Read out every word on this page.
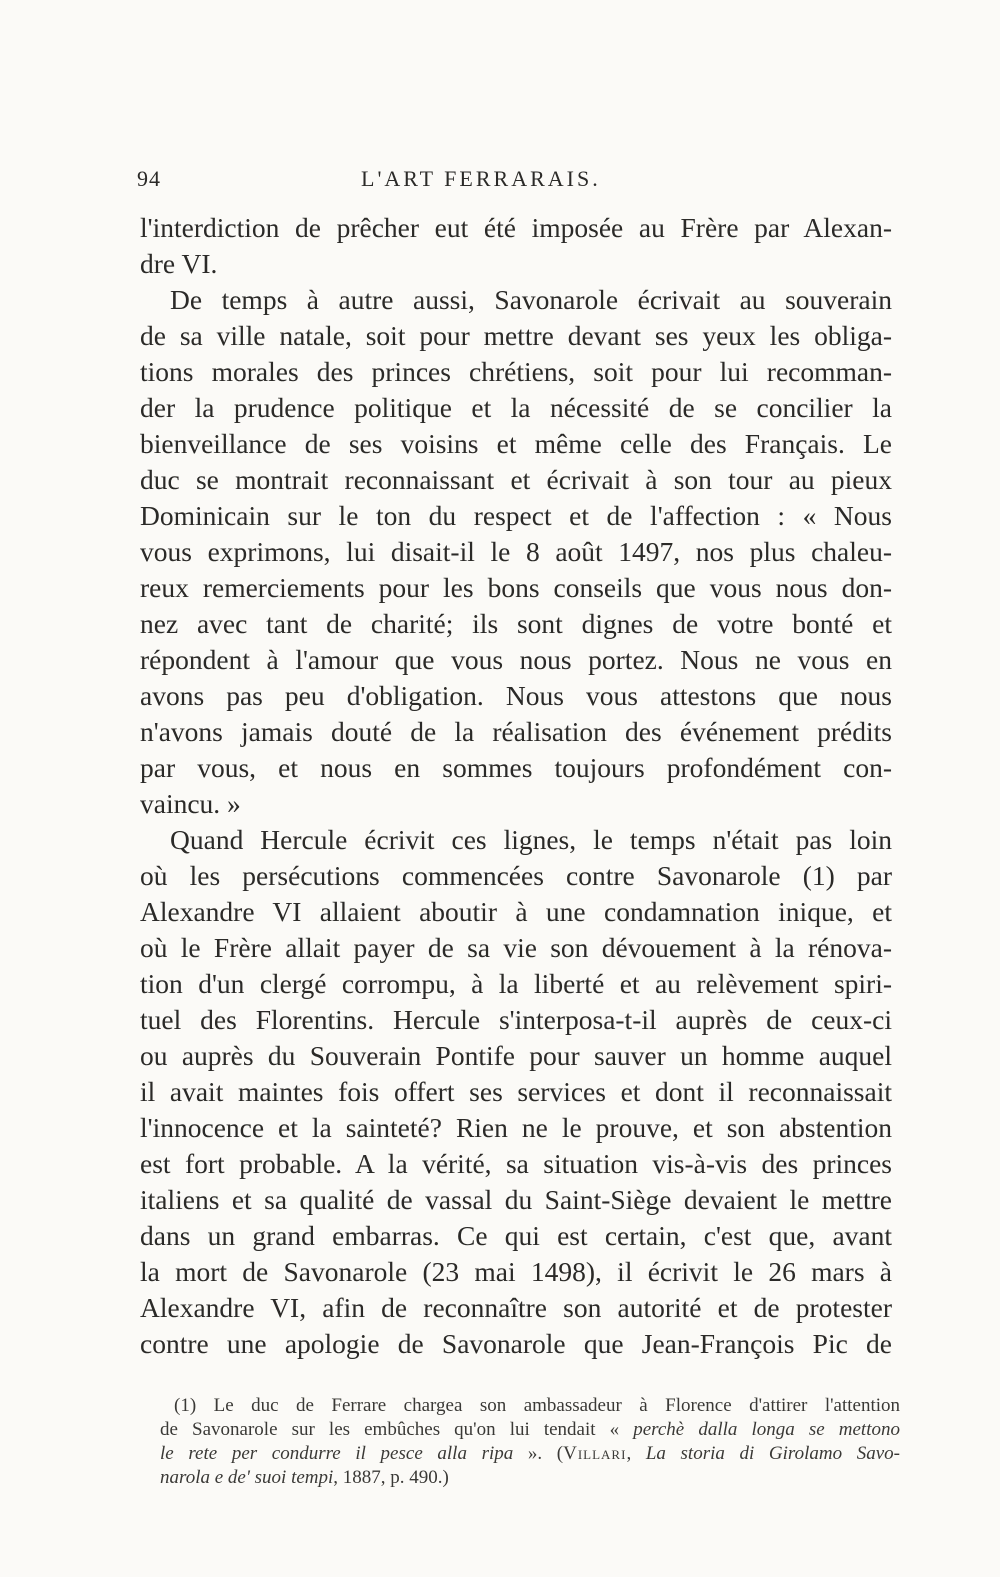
94	L'ART FERRARAIS.
l'interdiction de prêcher eut été imposée au Frère par Alexan-
dre VI.
De temps à autre aussi, Savonarole écrivait au souverain
de sa ville natale, soit pour mettre devant ses yeux les obliga-
tions morales des princes chrétiens, soit pour lui recomman-
der la prudence politique et la nécessité de se concilier la
bienveillance de ses voisins et même celle des Français. Le
duc se montrait reconnaissant et écrivait à son tour au pieux
Dominicain sur le ton du respect et de l'affection : « Nous
vous exprimons, lui disait-il le 8 août 1497, nos plus chaleu-
reux remerciements pour les bons conseils que vous nous don-
nez avec tant de charité; ils sont dignes de votre bonté et
répondent à l'amour que vous nous portez. Nous ne vous en
avons pas peu d'obligation. Nous vous attestons que nous
n'avons jamais douté de la réalisation des événement prédits
par vous, et nous en sommes toujours profondément con-
vaincu. »
Quand Hercule écrivit ces lignes, le temps n'était pas loin
où les persécutions commencées contre Savonarole (1) par
Alexandre VI allaient aboutir à une condamnation inique, et
où le Frère allait payer de sa vie son dévouement à la rénova-
tion d'un clergé corrompu, à la liberté et au relèvement spiri-
tuel des Florentins. Hercule s'interposa-t-il auprès de ceux-ci
ou auprès du Souverain Pontife pour sauver un homme auquel
il avait maintes fois offert ses services et dont il reconnaissait
l'innocence et la sainteté? Rien ne le prouve, et son abstention
est fort probable. A la vérité, sa situation vis-à-vis des princes
italiens et sa qualité de vassal du Saint-Siège devaient le mettre
dans un grand embarras. Ce qui est certain, c'est que, avant
la mort de Savonarole (23 mai 1498), il écrivit le 26 mars à
Alexandre VI, afin de reconnaître son autorité et de protester
contre une apologie de Savonarole que Jean-François Pic de
(1) Le duc de Ferrare chargea son ambassadeur à Florence d'attirer l'attention
de Savonarole sur les embûches qu'on lui tendait « perchè dalla longa se mettono
le rete per condurre il pesce alla ripa ». (Villari, La storia di Girolamo Savo-
narola e de' suoi tempi, 1887, p. 490.)
